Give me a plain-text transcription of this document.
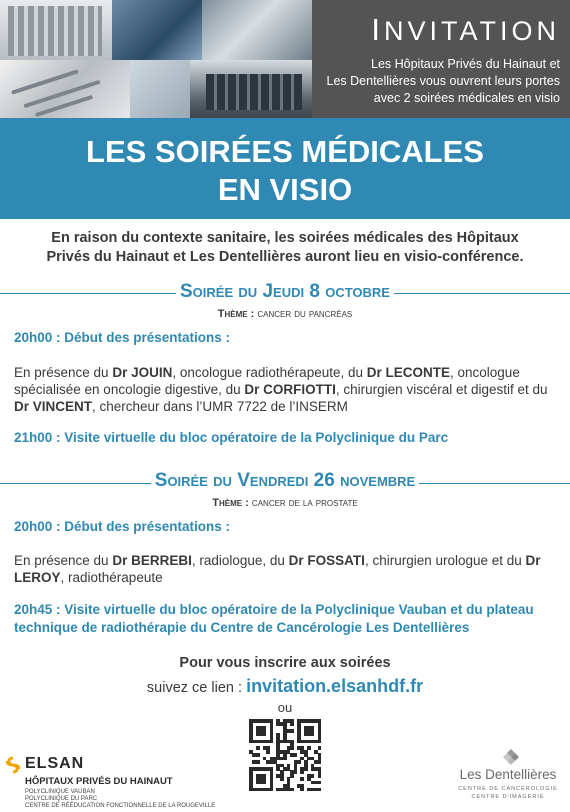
INVITATION
Les Hôpitaux Privés du Hainaut et
Les Dentellières vous ouvrent leurs portes
avec 2 soirées médicales en visio
LES SOIRÉES MÉDICALES
EN VISIO
En raison du contexte sanitaire, les soirées médicales des Hôpitaux
Privés du Hainaut et Les Dentellières auront lieu en visio-conférence.
Soirée du Jeudi 8 octobre
Thème : cancer du pancréas
20h00 : Début des présentations :
En présence du Dr JOUIN, oncologue radiothérapeute, du Dr LECONTE, oncologue spécialisée en oncologie digestive, du Dr CORFIOTTI, chirurgien viscéral et digestif et du Dr VINCENT, chercheur dans l’UMR 7722 de l’INSERM
21h00 : Visite virtuelle du bloc opératoire de la Polyclinique du Parc
Soirée du Vendredi 26 novembre
Thème : cancer de la prostate
20h00 : Début des présentations :
En présence du Dr BERREBI, radiologue, du Dr FOSSATI, chirurgien urologue et du Dr LEROY, radiothérapeute
20h45 : Visite virtuelle du bloc opératoire de la Polyclinique Vauban et du plateau technique de radiothérapie du Centre de Cancérologie Les Dentellières
Pour vous inscrire aux soirées
suivez ce lien : invitation.elsanhdf.fr
ou
ELSAN
HÔPITAUX PRIVÉS DU HAINAUT
POLYCLINIQUE VAUBAN
POLYCLINIQUE DU PARC
CENTRE DE RÉÉDUCATION FONCTIONNELLE DE LA ROUGEVILLE
Les Dentellières
CENTRE DE CANCÉROLOGIE
CENTRE D'IMAGERIE
